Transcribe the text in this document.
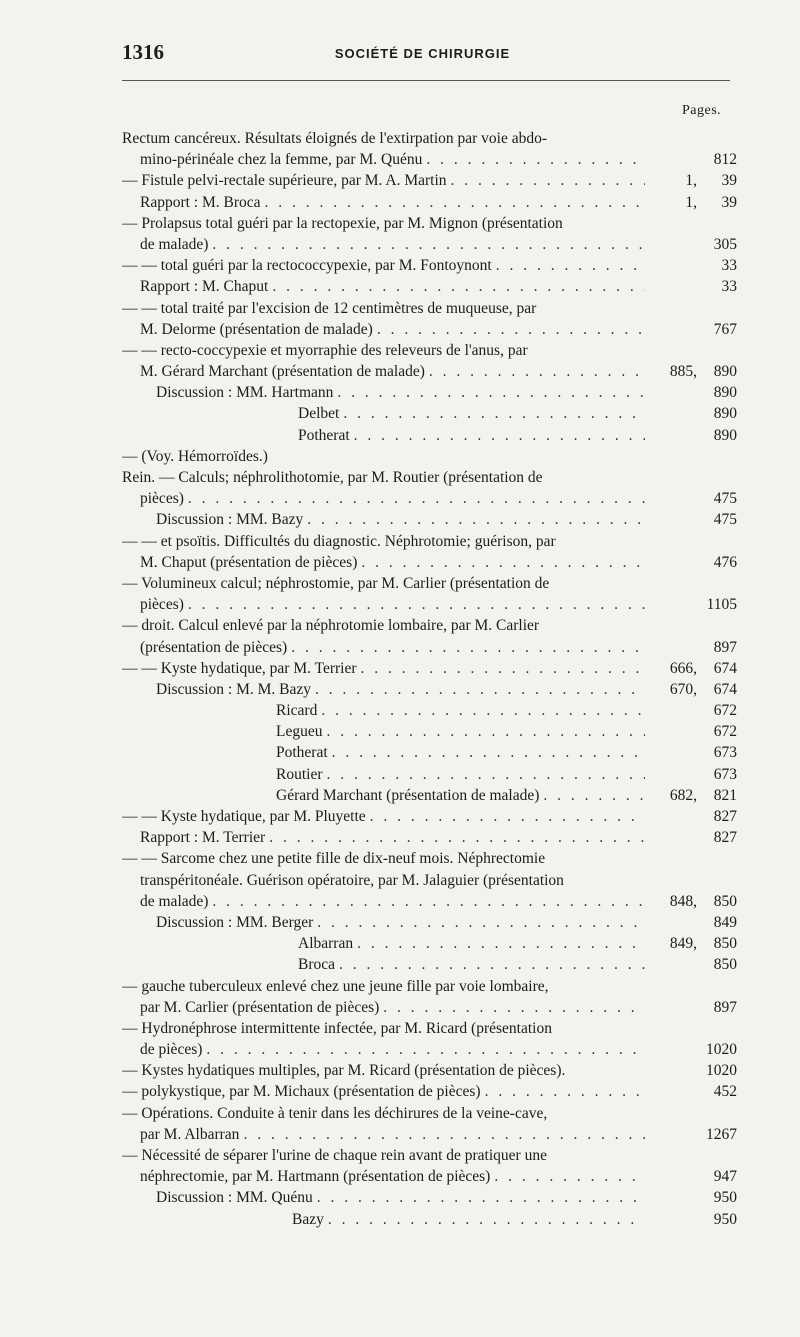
1316	SOCIÉTÉ DE CHIRURGIE
Pages.
Rectum cancéreux. Résultats éloignés de l'extirpation par voie abdo-
mino-périnéale chez la femme, par M. Quénu . . .	812
— Fistule pelvi-rectale supérieure, par M. A. Martin . . .	1,	39
Rapport : M. Broca . . .	1,	39
— Prolapsus total guéri par la rectopexie, par M. Mignon (présentation
de malade) . . .	305
— — total guéri par la rectococcypexie, par M. Fontoynont . . .	33
Rapport : M. Chaput . . .	33
— — total traité par l'excision de 12 centimètres de muqueuse, par
M. Delorme (présentation de malade) . . .	767
— — recto-coccypexie et myorraphie des releveurs de l'anus, par
M. Gérard Marchant (présentation de malade) . . .	885,	890
Discussion : MM. Hartmann . . .	890
Delbet . . .	890
Potherat . . .	890
— (Voy. Hémorroïdes.)
Rein. — Calculs; néphrolithotomie, par M. Routier (présentation de
pièces) . . .	475
Discussion : MM. Bazy . . .	475
— — et psoïtis. Difficultés du diagnostic. Néphrotomie; guérison, par
M. Chaput (présentation de pièces) . . .	476
— Volumineux calcul; néphrostomie, par M. Carlier (présentation de
pièces) . . .	1105
— droit. Calcul enlevé par la néphrotomie lombaire, par M. Carlier
(présentation de pièces) . . .	897
— — Kyste hydatique, par M. Terrier . . .	666,	674
Discussion : M. M. Bazy . . .	670,	674
Ricard . . .	672
Legueu . . .	672
Potherat . . .	673
Routier . . .	673
Gérard Marchant (présentation de malade) . . .	682,	821
— — Kyste hydatique, par M. Pluyette . . .	827
Rapport : M. Terrier . . .	827
— — Sarcome chez une petite fille de dix-neuf mois. Néphrectomie
transpéritonéale. Guérison opératoire, par M. Jalaguier (présentation
de malade) . . .	848,	850
Discussion : MM. Berger . . .	849
Albarran . . .	849,	850
Broca . . .	850
— gauche tuberculeux enlevé chez une jeune fille par voie lombaire,
par M. Carlier (présentation de pièces) . . .	897
— Hydronéphrose intermittente infectée, par M. Ricard (présentation
de pièces) . . .	1020
— Kystes hydatiques multiples, par M. Ricard (présentation de pièces).	1020
— polykystique, par M. Michaux (présentation de pièces) . . .	452
— Opérations. Conduite à tenir dans les déchirures de la veine-cave,
par M. Albarran . . .	1267
— Nécessité de séparer l'urine de chaque rein avant de pratiquer une
néphrectomie, par M. Hartmann (présentation de pièces) . . .	947
Discussion : MM. Quénu . . .	950
Bazy . . .	950
